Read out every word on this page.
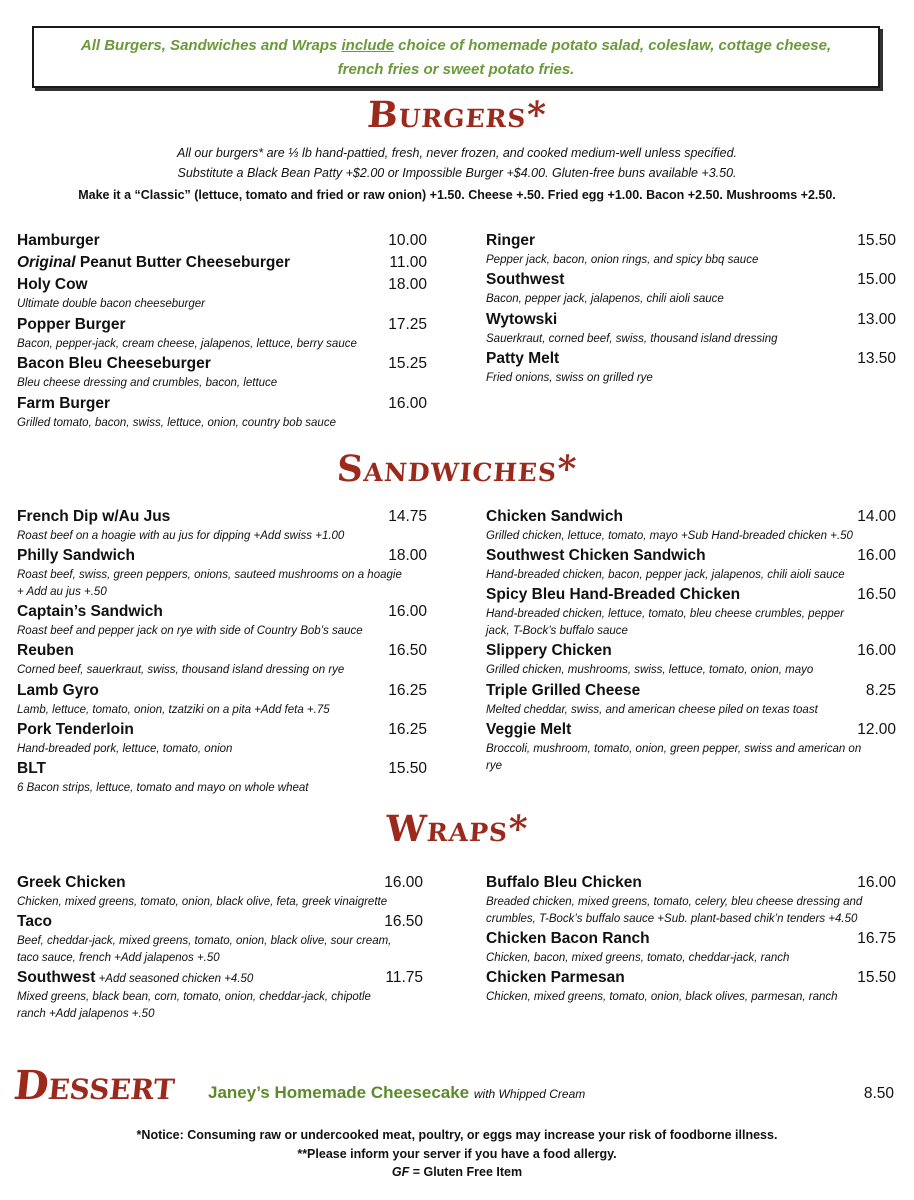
All Burgers, Sandwiches and Wraps include choice of homemade potato salad, coleslaw, cottage cheese,
french fries or sweet potato fries.
Burgers*
All our burgers* are ⅓ lb hand-pattied, fresh, never frozen, and cooked medium-well unless specified.
Substitute a Black Bean Patty +$2.00 or Impossible Burger +$4.00. Gluten-free buns available +3.50.
Make it a “Classic” (lettuce, tomato and fried or raw onion) +1.50. Cheese +.50. Fried egg +1.00. Bacon +2.50. Mushrooms +2.50.
Hamburger	10.00
Original Peanut Butter Cheeseburger	11.00
Holy Cow	18.00
Ultimate double bacon cheeseburger
Popper Burger	17.25
Bacon, pepper-jack, cream cheese, jalapenos, lettuce, berry sauce
Bacon Bleu Cheeseburger	15.25
Bleu cheese dressing and crumbles, bacon, lettuce
Farm Burger	16.00
Grilled tomato, bacon, swiss, lettuce, onion, country bob sauce
Ringer	15.50
Pepper jack, bacon, onion rings, and spicy bbq sauce
Southwest	15.00
Bacon, pepper jack, jalapenos, chili aioli sauce
Wytowski	13.00
Sauerkraut, corned beef, swiss, thousand island dressing
Patty Melt	13.50
Fried onions, swiss on grilled rye
Sandwiches*
French Dip w/Au Jus	14.75
Roast beef on a hoagie with au jus for dipping +Add swiss +1.00
Philly Sandwich	18.00
Roast beef, swiss, green peppers, onions, sauteed mushrooms on a hoagie
+ Add au jus +.50
Captain’s Sandwich	16.00
Roast beef and pepper jack on rye with side of Country Bob’s sauce
Reuben	16.50
Corned beef, sauerkraut, swiss, thousand island dressing on rye
Lamb Gyro	16.25
Lamb, lettuce, tomato, onion, tzatziki on a pita +Add feta +.75
Pork Tenderloin	16.25
Hand-breaded pork, lettuce, tomato, onion
BLT	15.50
6 Bacon strips, lettuce, tomato and mayo on whole wheat
Chicken Sandwich	14.00
Grilled chicken, lettuce, tomato, mayo +Sub Hand-breaded chicken +.50
Southwest Chicken Sandwich	16.00
Hand-breaded chicken, bacon, pepper jack, jalapenos, chili aioli sauce
Spicy Bleu Hand-Breaded Chicken	16.50
Hand-breaded chicken, lettuce, tomato, bleu cheese crumbles, pepper
jack, T-Bock’s buffalo sauce
Slippery Chicken	16.00
Grilled chicken, mushrooms, swiss, lettuce, tomato, onion, mayo
Triple Grilled Cheese	8.25
Melted cheddar, swiss, and american cheese piled on texas toast
Veggie Melt	12.00
Broccoli, mushroom, tomato, onion, green pepper, swiss and american on
rye
Wraps*
Greek Chicken	16.00
Chicken, mixed greens, tomato, onion, black olive, feta, greek vinaigrette
Taco	16.50
Beef, cheddar-jack, mixed greens, tomato, onion, black olive, sour cream,
taco sauce, french +Add jalapenos +.50
Southwest +Add seasoned chicken +4.50	11.75
Mixed greens, black bean, corn, tomato, onion, cheddar-jack, chipotle
ranch +Add jalapenos +.50
Buffalo Bleu Chicken	16.00
Breaded chicken, mixed greens, tomato, celery, bleu cheese dressing and
crumbles, T-Bock’s buffalo sauce +Sub. plant-based chik’n tenders +4.50
Chicken Bacon Ranch	16.75
Chicken, bacon, mixed greens, tomato, cheddar-jack, ranch
Chicken Parmesan	15.50
Chicken, mixed greens, tomato, onion, black olives, parmesan, ranch
Dessert Janey’s Homemade Cheesecake with Whipped Cream	8.50
*Notice: Consuming raw or undercooked meat, poultry, or eggs may increase your risk of foodborne illness.
**Please inform your server if you have a food allergy.
GF = Gluten Free Item
